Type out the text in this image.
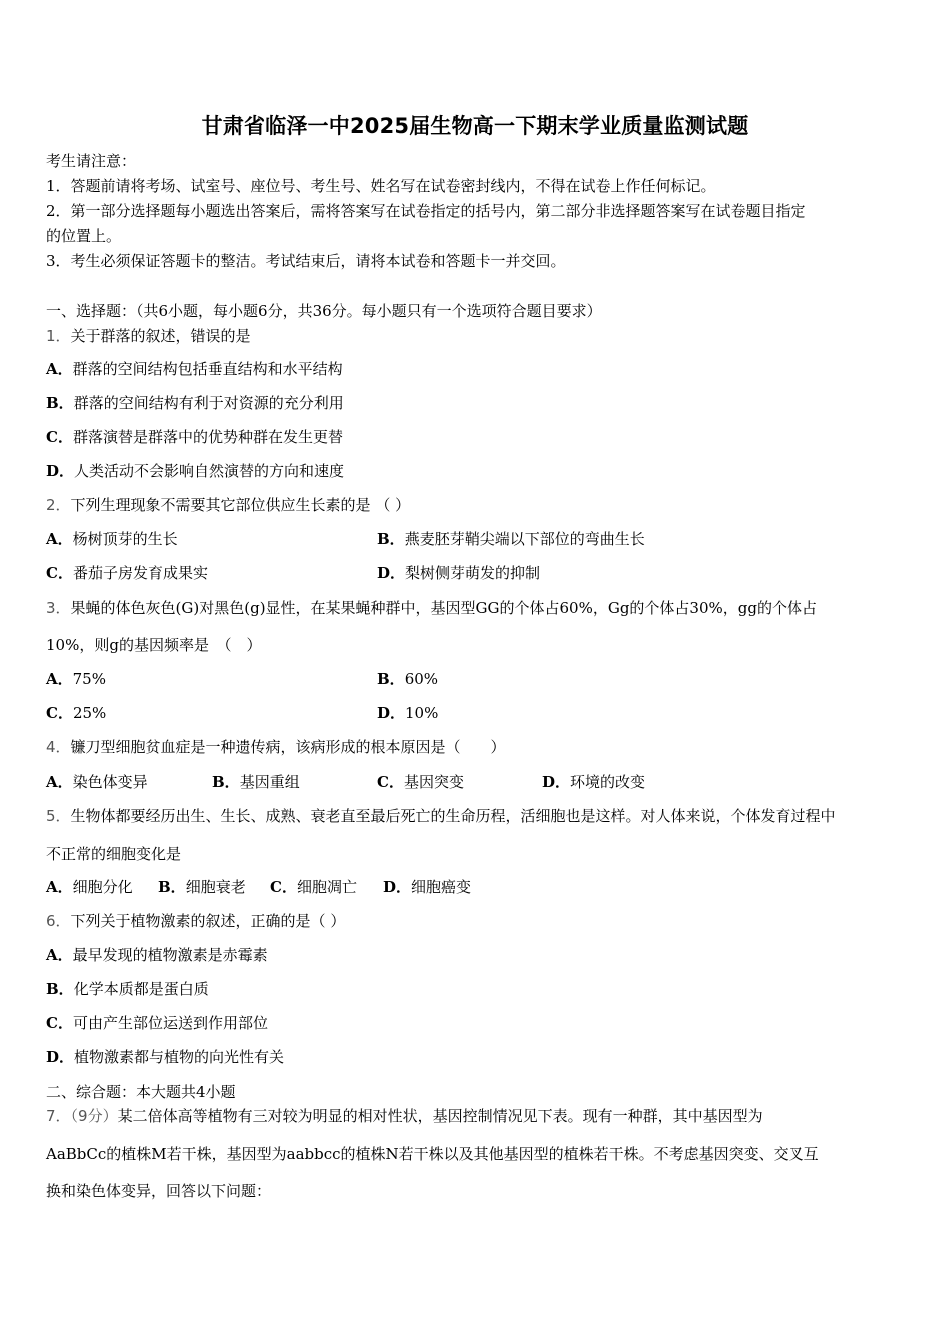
甘肃省临泽一中2025届生物高一下期末学业质量监测试题
考生请注意：
1．答题前请将考场、试室号、座位号、考生号、姓名写在试卷密封线内，不得在试卷上作任何标记。
2．第一部分选择题每小题选出答案后，需将答案写在试卷指定的括号内，第二部分非选择题答案写在试卷题目指定
的位置上。
3．考生必须保证答题卡的整洁。考试结束后，请将本试卷和答题卡一并交回。
一、选择题：（共6小题，每小题6分，共36分。每小题只有一个选项符合题目要求）
1．关于群落的叙述，错误的是
A．群落的空间结构包括垂直结构和水平结构
B．群落的空间结构有利于对资源的充分利用
C．群落演替是群落中的优势种群在发生更替
D．人类活动不会影响自然演替的方向和速度
2．下列生理现象不需要其它部位供应生长素的是 （ ）
A．杨树顶芽的生长	B．燕麦胚芽鞘尖端以下部位的弯曲生长
C．番茄子房发育成果实	D．梨树侧芽萌发的抑制
3．果蝇的体色灰色(G)对黑色(g)显性，在某果蝇种群中，基因型GG的个体占60%，Gg的个体占30%，gg的个体占
10%，则g的基因频率是　（　）
A．75%	B．60%
C．25%	D．10%
4．镰刀型细胞贫血症是一种遗传病，该病形成的根本原因是（　　）
A．染色体变异	B．基因重组	C．基因突变	D．环境的改变
5．生物体都要经历出生、生长、成熟、衰老直至最后死亡的生命历程，活细胞也是这样。对人体来说，个体发育过程中
不正常的细胞变化是
A．细胞分化 B．细胞衰老 C．细胞凋亡 D．细胞癌变
6．下列关于植物激素的叙述，正确的是（ ）
A．最早发现的植物激素是赤霉素
B．化学本质都是蛋白质
C．可由产生部位运送到作用部位
D．植物激素都与植物的向光性有关
二、综合题：本大题共4小题
7．（9分）某二倍体高等植物有三对较为明显的相对性状，基因控制情况见下表。现有一种群，其中基因型为
AaBbCc的植株M若干株，基因型为aabbcc的植株N若干株以及其他基因型的植株若干株。不考虑基因突变、交叉互
换和染色体变异，回答以下问题：
